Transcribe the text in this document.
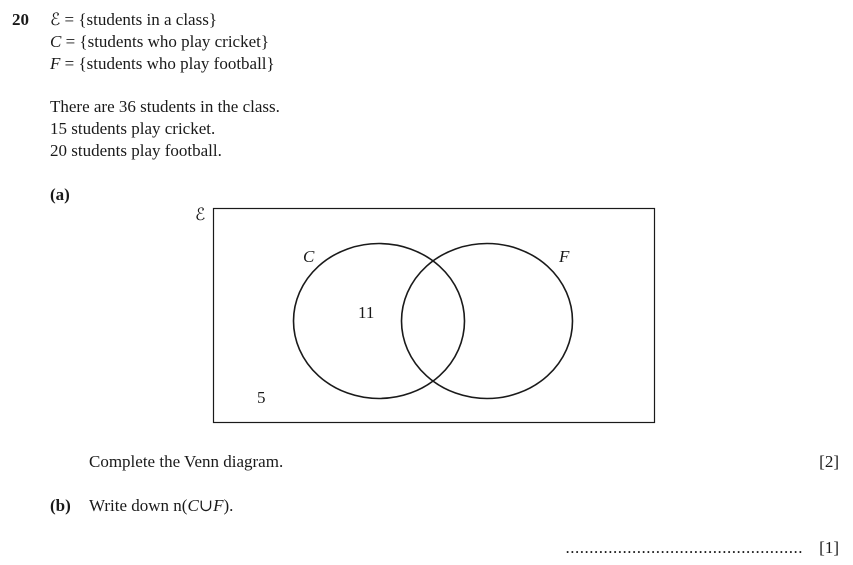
20 ℰ = {students in a class}
C = {students who play cricket}
F = {students who play football}
There are 36 students in the class.
15 students play cricket.
20 students play football.
(a)
ℰ
C	F
11
5
Complete the Venn diagram.	[2]
(b) Write down n(C∪F).
.................................................. [1]
